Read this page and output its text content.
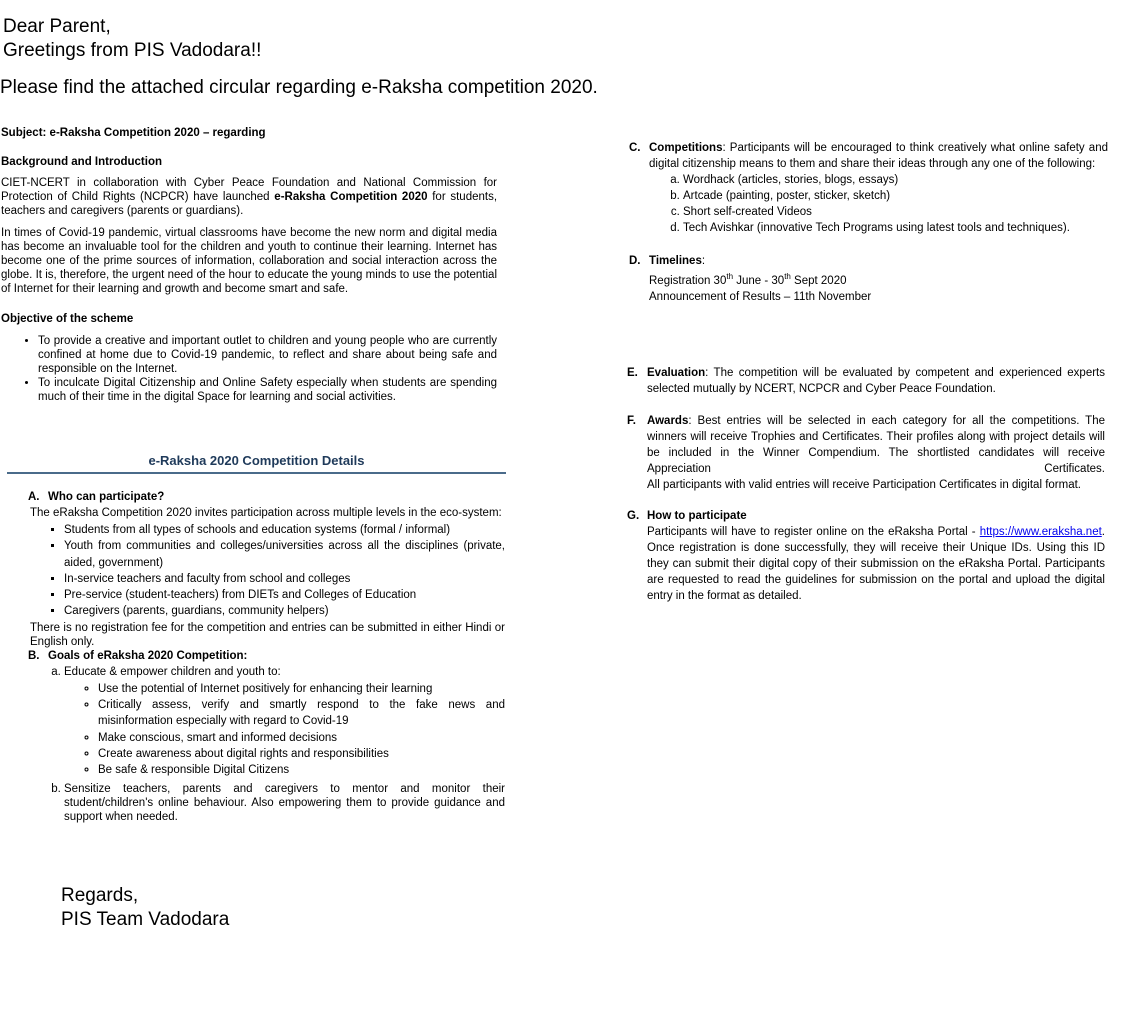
Dear Parent,
Greetings from PIS Vadodara!!
Please find the attached circular regarding e-Raksha competition 2020.
Subject: e-Raksha Competition 2020 – regarding
Background and Introduction
CIET-NCERT in collaboration with Cyber Peace Foundation and National Commission for Protection of Child Rights (NCPCR) have launched e-Raksha Competition 2020 for students, teachers and caregivers (parents or guardians).
In times of Covid-19 pandemic, virtual classrooms have become the new norm and digital media has become an invaluable tool for the children and youth to continue their learning. Internet has become one of the prime sources of information, collaboration and social interaction across the globe. It is, therefore, the urgent need of the hour to educate the young minds to use the potential of Internet for their learning and growth and become smart and safe.
Objective of the scheme
• To provide a creative and important outlet to children and young people who are currently confined at home due to Covid-19 pandemic, to reflect and share about being safe and responsible on the Internet.
• To inculcate Digital Citizenship and Online Safety especially when students are spending much of their time in the digital Space for learning and social activities.
e-Raksha 2020 Competition Details
A. Who can participate?
The eRaksha Competition 2020 invites participation across multiple levels in the eco-system:
▪ Students from all types of schools and education systems (formal / informal)
▪ Youth from communities and colleges/universities across all the disciplines (private, aided, government)
▪ In-service teachers and faculty from school and colleges
▪ Pre-service (student-teachers) from DIETs and Colleges of Education
▪ Caregivers (parents, guardians, community helpers)
There is no registration fee for the competition and entries can be submitted in either Hindi or English only.
B. Goals of eRaksha 2020 Competition:
a. Educate & empower children and youth to:
◦ Use the potential of Internet positively for enhancing their learning
◦ Critically assess, verify and smartly respond to the fake news and misinformation especially with regard to Covid-19
◦ Make conscious, smart and informed decisions
◦ Create awareness about digital rights and responsibilities
◦ Be safe & responsible Digital Citizens
b. Sensitize teachers, parents and caregivers to mentor and monitor their student/children's online behaviour. Also empowering them to provide guidance and support when needed.
C. Competitions: Participants will be encouraged to think creatively what online safety and digital citizenship means to them and share their ideas through any one of the following:
a. Wordhack (articles, stories, blogs, essays)
b. Artcade (painting, poster, sticker, sketch)
c. Short self-created Videos
d. Tech Avishkar (innovative Tech Programs using latest tools and techniques).
D. Timelines:
Registration 30th June - 30th Sept 2020
Announcement of Results – 11th November
E. Evaluation: The competition will be evaluated by competent and experienced experts selected mutually by NCERT, NCPCR and Cyber Peace Foundation.
F. Awards: Best entries will be selected in each category for all the competitions. The winners will receive Trophies and Certificates. Their profiles along with project details will be included in the Winner Compendium. The shortlisted candidates will receive Appreciation Certificates.
All participants with valid entries will receive Participation Certificates in digital format.
G. How to participate
Participants will have to register online on the eRaksha Portal - https://www.eraksha.net. Once registration is done successfully, they will receive their Unique IDs. Using this ID they can submit their digital copy of their submission on the eRaksha Portal. Participants are requested to read the guidelines for submission on the portal and upload the digital entry in the format as detailed.
Regards,
PIS Team Vadodara
